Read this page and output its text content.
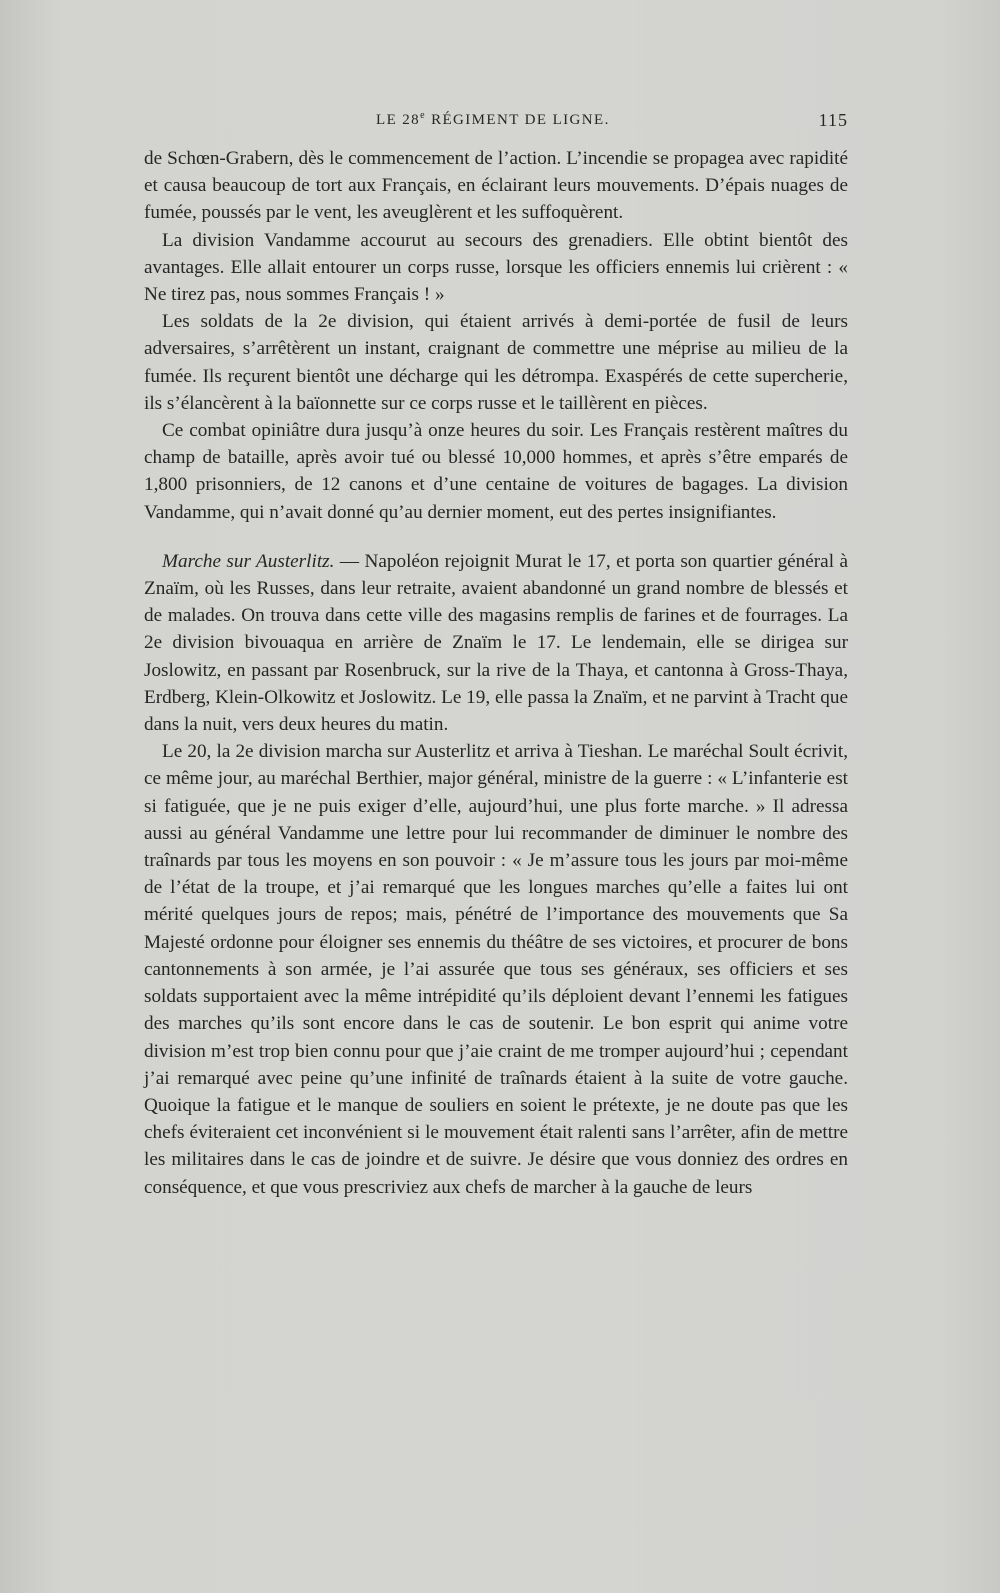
LE 28e RÉGIMENT DE LIGNE.	115

de Schœn-Grabern, dès le commencement de l’action. L’incendie se propagea avec rapidité et causa beaucoup de tort aux Français, en éclairant leurs mouvements. D’épais nuages de fumée, poussés par le vent, les aveuglèrent et les suffoquèrent.

La division Vandamme accourut au secours des grenadiers. Elle obtint bientôt des avantages. Elle allait entourer un corps russe, lorsque les officiers ennemis lui crièrent : « Ne tirez pas, nous sommes Français ! »

Les soldats de la 2e division, qui étaient arrivés à demi-portée de fusil de leurs adversaires, s’arrêtèrent un instant, craignant de commettre une méprise au milieu de la fumée. Ils reçurent bientôt une décharge qui les détrompa. Exaspérés de cette supercherie, ils s’élancèrent à la baïonnette sur ce corps russe et le taillèrent en pièces.

Ce combat opiniâtre dura jusqu’à onze heures du soir. Les Français restèrent maîtres du champ de bataille, après avoir tué ou blessé 10,000 hommes, et après s’être emparés de 1,800 prisonniers, de 12 canons et d’une centaine de voitures de bagages. La division Vandamme, qui n’avait donné qu’au dernier moment, eut des pertes insignifiantes.

Marche sur Austerlitz. — Napoléon rejoignit Murat le 17, et porta son quartier général à Znaïm, où les Russes, dans leur retraite, avaient abandonné un grand nombre de blessés et de malades. On trouva dans cette ville des magasins remplis de farines et de fourrages. La 2e division bivouaqua en arrière de Znaïm le 17. Le lendemain, elle se dirigea sur Joslowitz, en passant par Rosenbruck, sur la rive de la Thaya, et cantonna à Gross-Thaya, Erdberg, Klein-Olkowitz et Joslowitz. Le 19, elle passa la Znaïm, et ne parvint à Tracht que dans la nuit, vers deux heures du matin.

Le 20, la 2e division marcha sur Austerlitz et arriva à Tieshan. Le maréchal Soult écrivit, ce même jour, au maréchal Berthier, major général, ministre de la guerre : « L’infanterie est si fatiguée, que je ne puis exiger d’elle, aujourd’hui, une plus forte marche. » Il adressa aussi au général Vandamme une lettre pour lui recommander de diminuer le nombre des traînards par tous les moyens en son pouvoir : « Je m’assure tous les jours par moi-même de l’état de la troupe, et j’ai remarqué que les longues marches qu’elle a faites lui ont mérité quelques jours de repos; mais, pénétré de l’importance des mouvements que Sa Majesté ordonne pour éloigner ses ennemis du théâtre de ses victoires, et procurer de bons cantonnements à son armée, je l’ai assurée que tous ses généraux, ses officiers et ses soldats supportaient avec la même intrépidité qu’ils déploient devant l’ennemi les fatigues des marches qu’ils sont encore dans le cas de soutenir. Le bon esprit qui anime votre division m’est trop bien connu pour que j’aie craint de me tromper aujourd’hui ; cependant j’ai remarqué avec peine qu’une infinité de traînards étaient à la suite de votre gauche. Quoique la fatigue et le manque de souliers en soient le prétexte, je ne doute pas que les chefs éviteraient cet inconvénient si le mouvement était ralenti sans l’arrêter, afin de mettre les militaires dans le cas de joindre et de suivre. Je désire que vous donniez des ordres en conséquence, et que vous prescriviez aux chefs de marcher à la gauche de leurs
